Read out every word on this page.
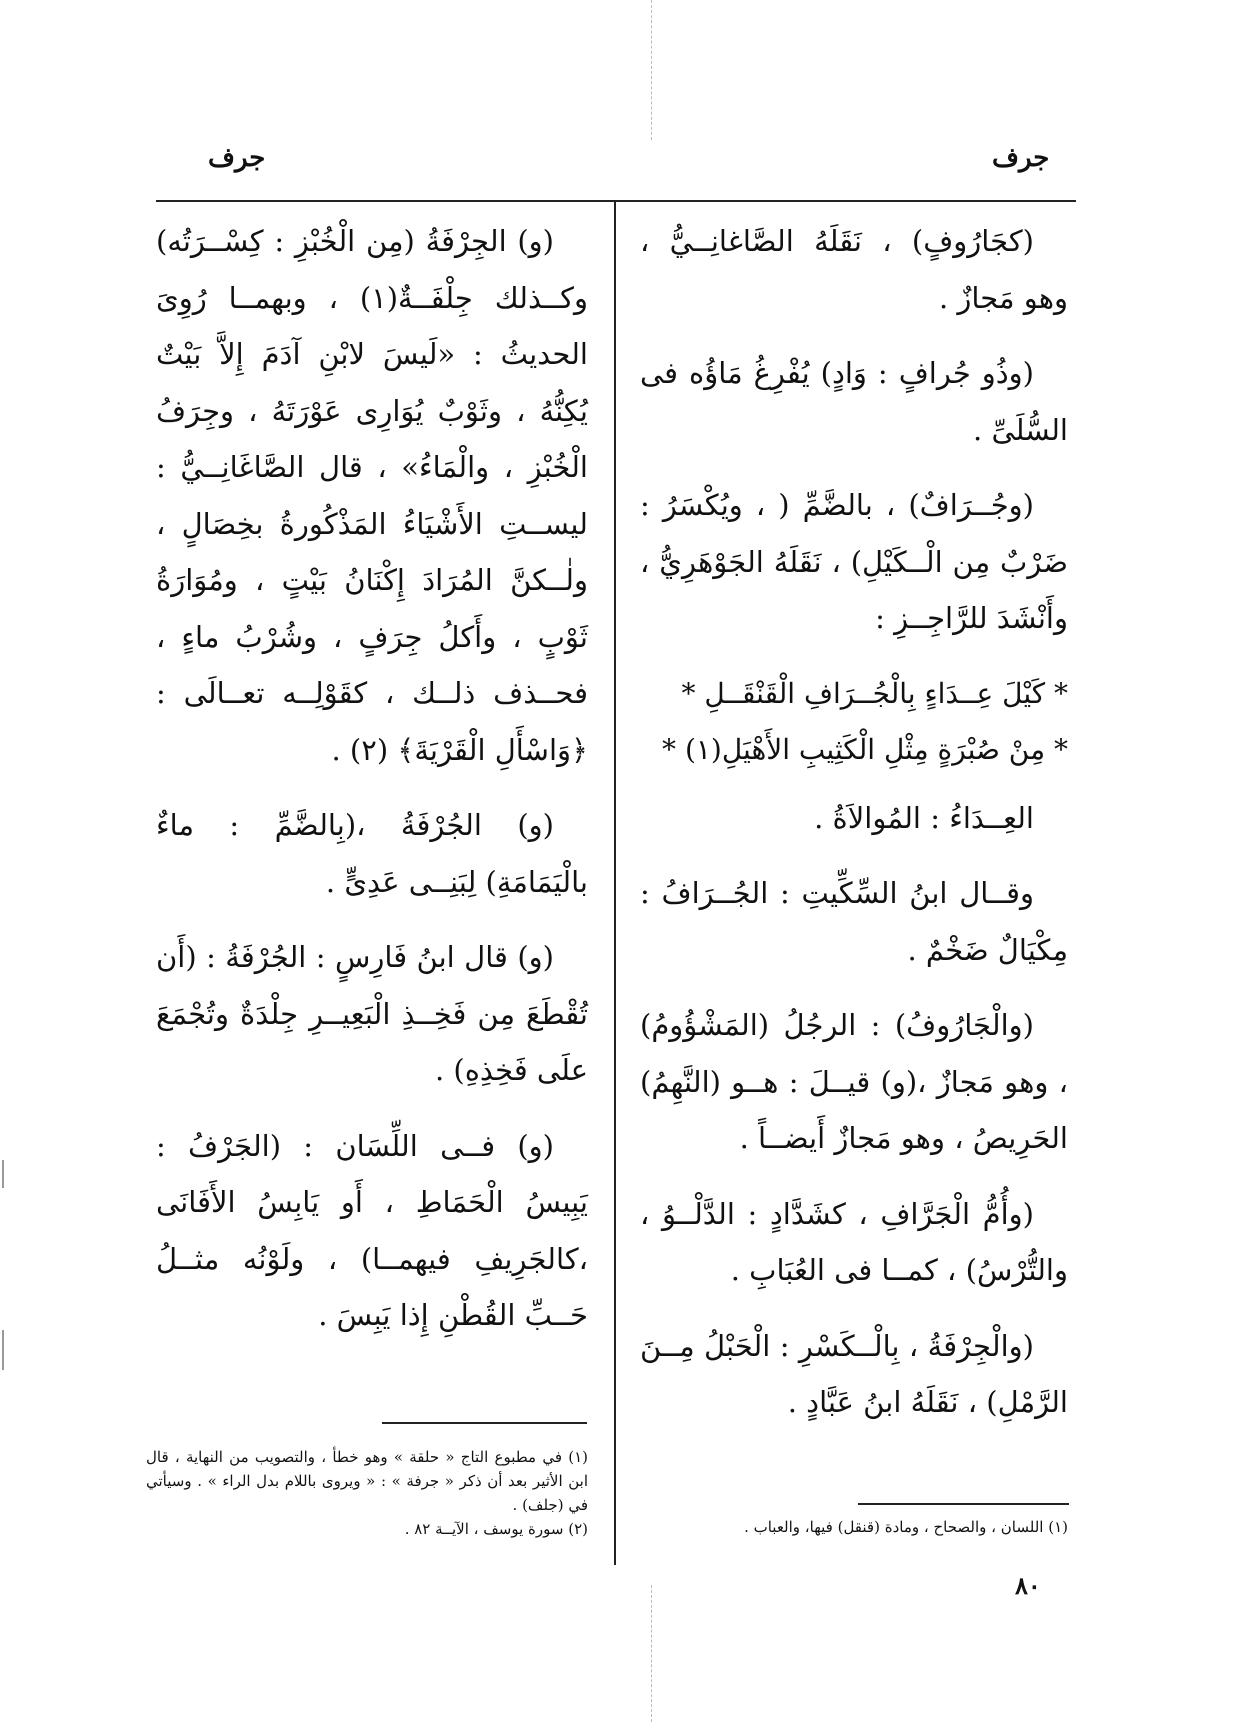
جرف
جرف

(كجَارُوفٍ) ، نَقَلَهُ الصَّاغانِــيُّ ، وهو مَجازٌ .

(وذُو جُرافٍ : وَادٍ) يُفْرِغُ مَاؤُه فى السُّلَىِّ .

(وجُــرَافٌ) ، بالضَّمِّ ( ، ويُكْسَرُ : ضَرْبٌ مِن الْــكَيْلِ) ، نَقَلَهُ الجَوْهَرِيُّ ، وأَنْشَدَ للرَّاجِــزِ :

* كَيْلَ عِــدَاءٍ بِالْجُــرَافِ الْقَنْقَــلِ *
* مِنْ صُبْرَةٍ مِثْلِ الْكَثِيبِ الأَهْيَلِ(١) *

العِــدَاءُ : المُوالاَةُ .

وقــال ابنُ السِّكِّيتِ : الجُــرَافُ : مِكْيَالٌ ضَخْمٌ .

(والْجَارُوفُ) : الرجُلُ (المَشْؤُومُ) ، وهو مَجازٌ ،(و) قيــلَ : هــو (النَّهِمُ) الحَرِيصُ ، وهو مَجازٌ أَيضــاً .

(وأُمُّ الْجَرَّافِ ، كشَدَّادٍ : الدَّلْــوُ ، والتُّرْسُ) ، كمــا فى العُبَابِ .

(والْجِرْفَةُ ، بِالْــكَسْرِ : الْحَبْلُ مِــنَ الرَّمْلِ) ، نَقَلَهُ ابنُ عَبَّادٍ .

(و) الجِرْفَةُ (مِن الْخُبْزِ : كِسْــرَتُه) وكــذلك جِلْفَــةٌ(١) ، وبهمــا رُوِىَ الحديثُ : «لَيسَ لابْنِ آدَمَ إِلاَّ بَيْتٌ يُكِنُّهُ ، وثَوْبٌ يُوَارِى عَوْرَتَهُ ، وجِرَفُ الْخُبْزِ ، والْمَاءُ» ، قال الصَّاغَانِــيُّ : ليســتِ الأَشْيَاءُ المَذْكُورةُ بخِصَالٍ ، ولٰــكنَّ المُرَادَ إِكْنَانُ بَيْتٍ ، ومُوَارَةُ ثَوْبٍ ، وأَكلُ جِرَفٍ ، وشُرْبُ ماءٍ ، فحــذف ذلــك ، كقَوْلِــه تعــالَى : ﴿وَاسْأَلِ الْقَرْيَةَ﴾ (٢) .

(و) الجُرْفَةُ ،(بِالضَّمِّ : ماءٌ بالْيَمَامَةِ) لِبَنِــى عَدِىٍّ .

(و) قال ابنُ فَارِسٍ : الجُرْفَةُ : (أَن تُقْطَعَ مِن فَخِــذِ الْبَعِيــرِ جِلْدَةٌ وتُجْمَعَ علَى فَخِذِهِ) .

(و) فــى اللِّسَان : (الجَرْفُ : يَبِيسُ الْحَمَاطِ ، أَو يَابِسُ الأَفَانَى ،كالجَرِيفِ فيهمــا) ، ولَوْنُه مثــلُ حَــبِّ القُطْنِ إِذا يَبِسَ .

(١) اللسان ، والصحاح ، ومادة (قنقل) فيها، والعباب .
(١) في مطبوع التاج « حلقة » وهو خطأ ، والتصويب من النهاية ، قال ابن الأثير بعد أن ذكر « جرفة » : « ويروى باللام بدل الراء » . وسيأتي في (جلف) .
(٢) سورة يوسف ، الآيــة ٨٢ .
٨٠
